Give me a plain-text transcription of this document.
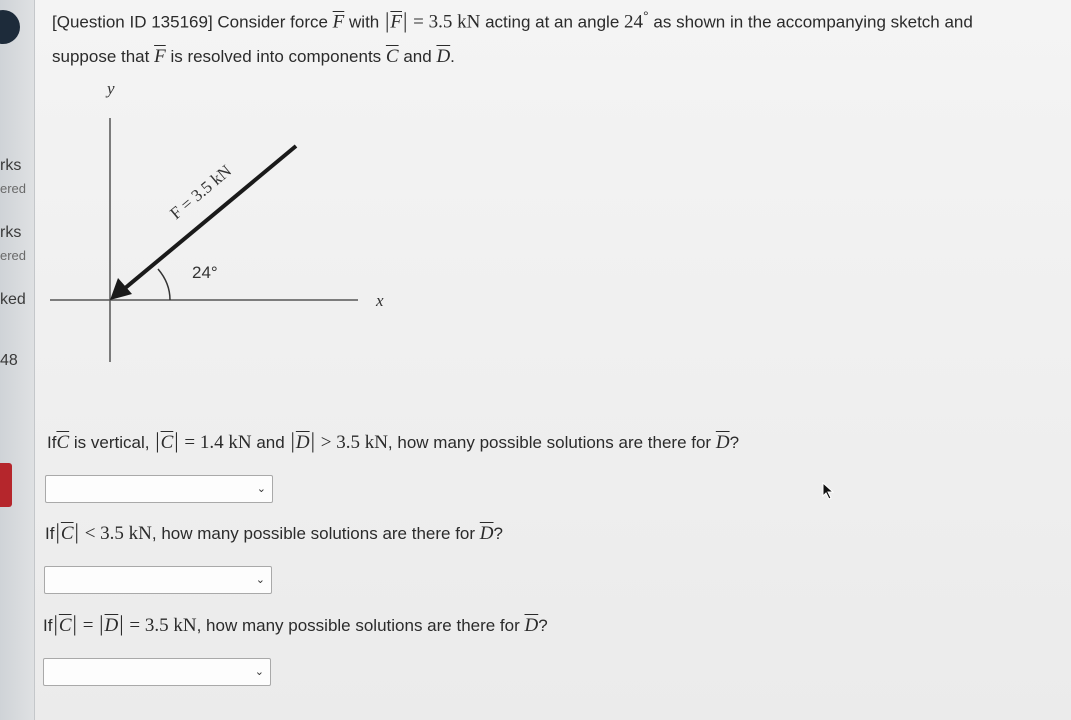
rks
ered
rks
ered
ked
48
[Question ID 135169] Consider force $\overline{F}$ with $|\overline{F}| = 3.5$ kN acting at an angle 24° as shown in the accompanying sketch and
suppose that $\overline{F}$ is resolved into components $\overline{C}$ and $\overline{D}$.
y
x
F = 3.5 kN
24°
$If\overline{C}$ is vertical, $|\overline{C}| = 1.4$ kN and $|\overline{D}| > 3.5$ kN, how many possible solutions are there for $\overline{D}$?
⌄
$If|\overline{C}| < 3.5$ kN, how many possible solutions are there for $\overline{D}$?
⌄
$If|\overline{C}| = |\overline{D}| = 3.5$ kN, how many possible solutions are there for $\overline{D}$?
⌄
